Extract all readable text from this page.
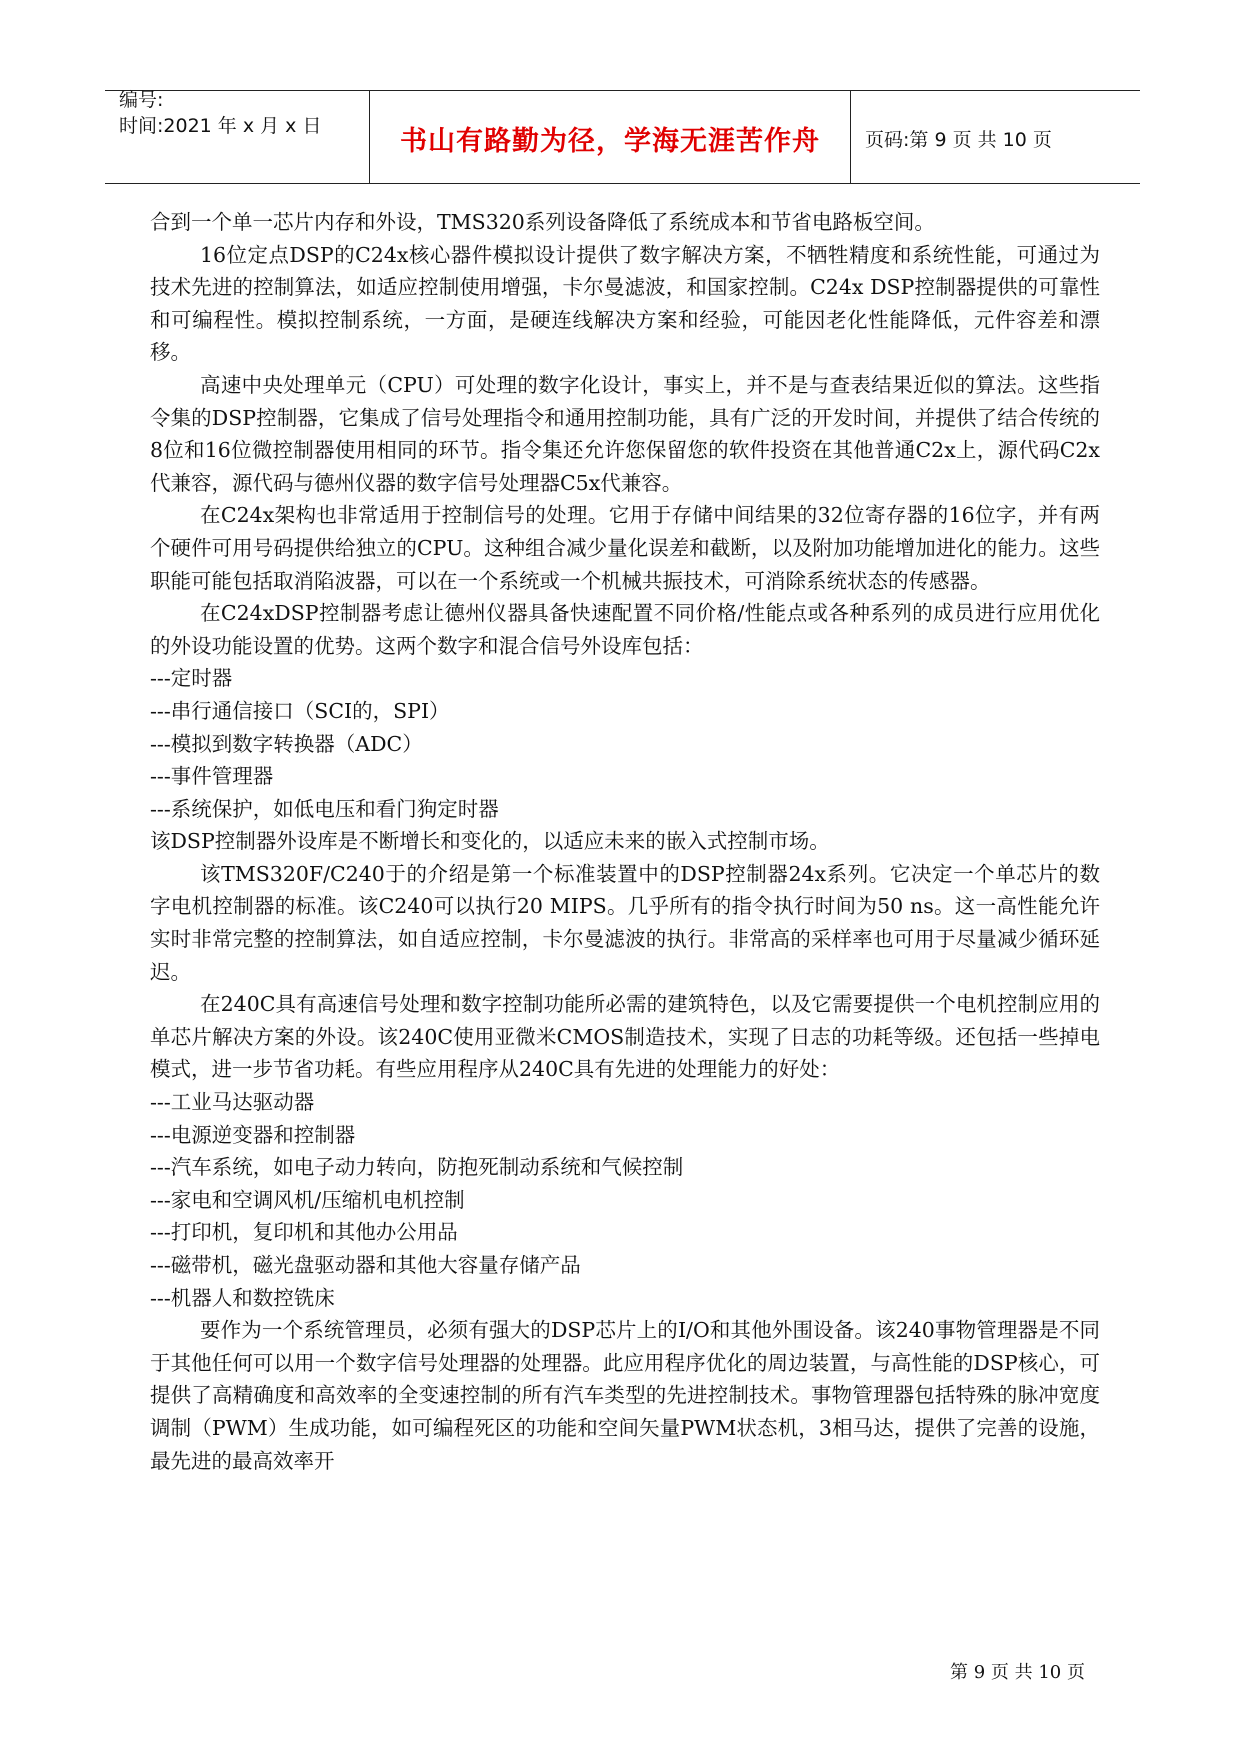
编号:
时间:2021 年 x 月 x 日	书山有路勤为径，学海无涯苦作舟	页码:第 9 页 共 10 页

合到一个单一芯片内存和外设，TMS320系列设备降低了系统成本和节省电路板空间。

16位定点DSP的C24x核心器件模拟设计提供了数字解决方案，不牺牲精度和系统性能，可通过为技术先进的控制算法，如适应控制使用增强，卡尔曼滤波，和国家控制。C24x DSP控制器提供的可靠性和可编程性。模拟控制系统，一方面，是硬连线解决方案和经验，可能因老化性能降低，元件容差和漂移。

高速中央处理单元（CPU）可处理的数字化设计，事实上，并不是与查表结果近似的算法。这些指令集的DSP控制器，它集成了信号处理指令和通用控制功能，具有广泛的开发时间，并提供了结合传统的8位和16位微控制器使用相同的环节。指令集还允许您保留您的软件投资在其他普通C2x上，源代码C2x代兼容，源代码与德州仪器的数字信号处理器C5x代兼容。

在C24x架构也非常适用于控制信号的处理。它用于存储中间结果的32位寄存器的16位字，并有两个硬件可用号码提供给独立的CPU。这种组合减少量化误差和截断，以及附加功能增加进化的能力。这些职能可能包括取消陷波器，可以在一个系统或一个机械共振技术，可消除系统状态的传感器。

在C24xDSP控制器考虑让德州仪器具备快速配置不同价格/性能点或各种系列的成员进行应用优化的外设功能设置的优势。这两个数字和混合信号外设库包括：

---定时器

---串行通信接口（SCI的，SPI）

---模拟到数字转换器（ADC）

---事件管理器

---系统保护，如低电压和看门狗定时器

该DSP控制器外设库是不断增长和变化的，以适应未来的嵌入式控制市场。

该TMS320F/C240于的介绍是第一个标准装置中的DSP控制器24x系列。它决定一个单芯片的数字电机控制器的标准。该C240可以执行20 MIPS。几乎所有的指令执行时间为50 ns。这一高性能允许实时非常完整的控制算法，如自适应控制，卡尔曼滤波的执行。非常高的采样率也可用于尽量减少循环延迟。

在240C具有高速信号处理和数字控制功能所必需的建筑特色，以及它需要提供一个电机控制应用的单芯片解决方案的外设。该240C使用亚微米CMOS制造技术，实现了日志的功耗等级。还包括一些掉电模式，进一步节省功耗。有些应用程序从240C具有先进的处理能力的好处：

---工业马达驱动器

---电源逆变器和控制器

---汽车系统，如电子动力转向，防抱死制动系统和气候控制

---家电和空调风机/压缩机电机控制

---打印机，复印机和其他办公用品

---磁带机，磁光盘驱动器和其他大容量存储产品

---机器人和数控铣床

要作为一个系统管理员，必须有强大的DSP芯片上的I/O和其他外围设备。该240事物管理器是不同于其他任何可以用一个数字信号处理器的处理器。此应用程序优化的周边装置，与高性能的DSP核心，可提供了高精确度和高效率的全变速控制的所有汽车类型的先进控制技术。事物管理器包括特殊的脉冲宽度调制（PWM）生成功能，如可编程死区的功能和空间矢量PWM状态机，3相马达，提供了完善的设施，最先进的最高效率开

第 9 页 共 10 页
